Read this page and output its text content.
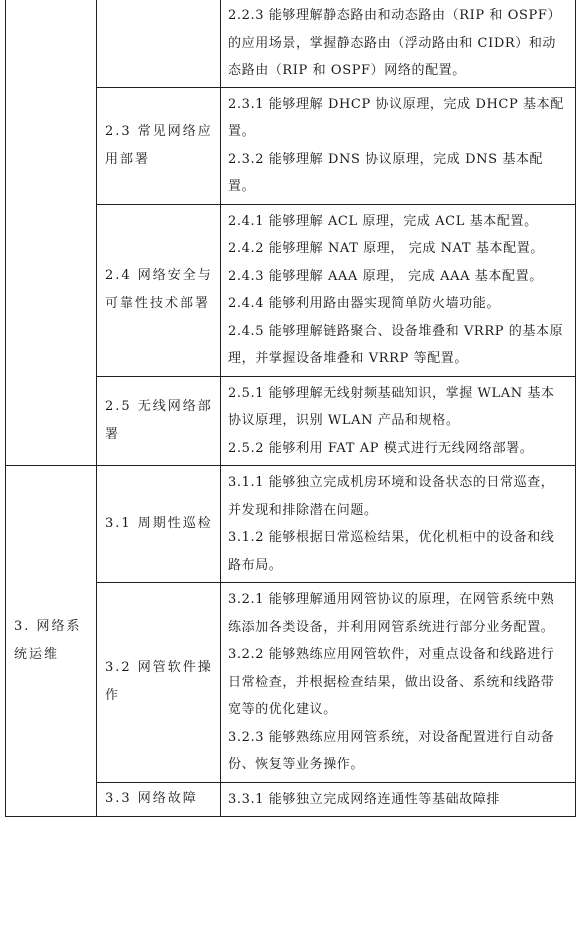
		2.2.3 能够理解静态路由和动态路由（RIP 和 OSPF）的应用场景，掌握静态路由（浮动路由和 CIDR）和动态路由（RIP 和 OSPF）网络的配置。

	2.3 常见网络应用部署	2.3.1 能够理解 DHCP 协议原理，完成 DHCP 基本配置。
2.3.2 能够理解 DNS 协议原理，完成 DNS 基本配置。

	2.4 网络安全与可靠性技术部署	2.4.1 能够理解 ACL 原理，完成 ACL 基本配置。
2.4.2 能够理解 NAT 原理， 完成 NAT 基本配置。
2.4.3 能够理解 AAA 原理， 完成 AAA 基本配置。
2.4.4 能够利用路由器实现简单防火墙功能。
2.4.5 能够理解链路聚合、设备堆叠和 VRRP 的基本原理，并掌握设备堆叠和 VRRP 等配置。

	2.5 无线网络部署	2.5.1 能够理解无线射频基础知识，掌握 WLAN 基本协议原理，识别 WLAN 产品和规格。
2.5.2 能够利用 FAT AP 模式进行无线网络部署。

3. 网络系统运维	3.1 周期性巡检	3.1.1 能够独立完成机房环境和设备状态的日常巡查，并发现和排除潜在问题。
3.1.2 能够根据日常巡检结果，优化机柜中的设备和线路布局。

	3.2 网管软件操作	3.2.1 能够理解通用网管协议的原理，在网管系统中熟练添加各类设备，并利用网管系统进行部分业务配置。
3.2.2 能够熟练应用网管软件，对重点设备和线路进行日常检查，并根据检查结果，做出设备、系统和线路带宽等的优化建议。
3.2.3 能够熟练应用网管系统，对设备配置进行自动备份、恢复等业务操作。

	3.3 网络故障	3.3.1 能够独立完成网络连通性等基础故障排
